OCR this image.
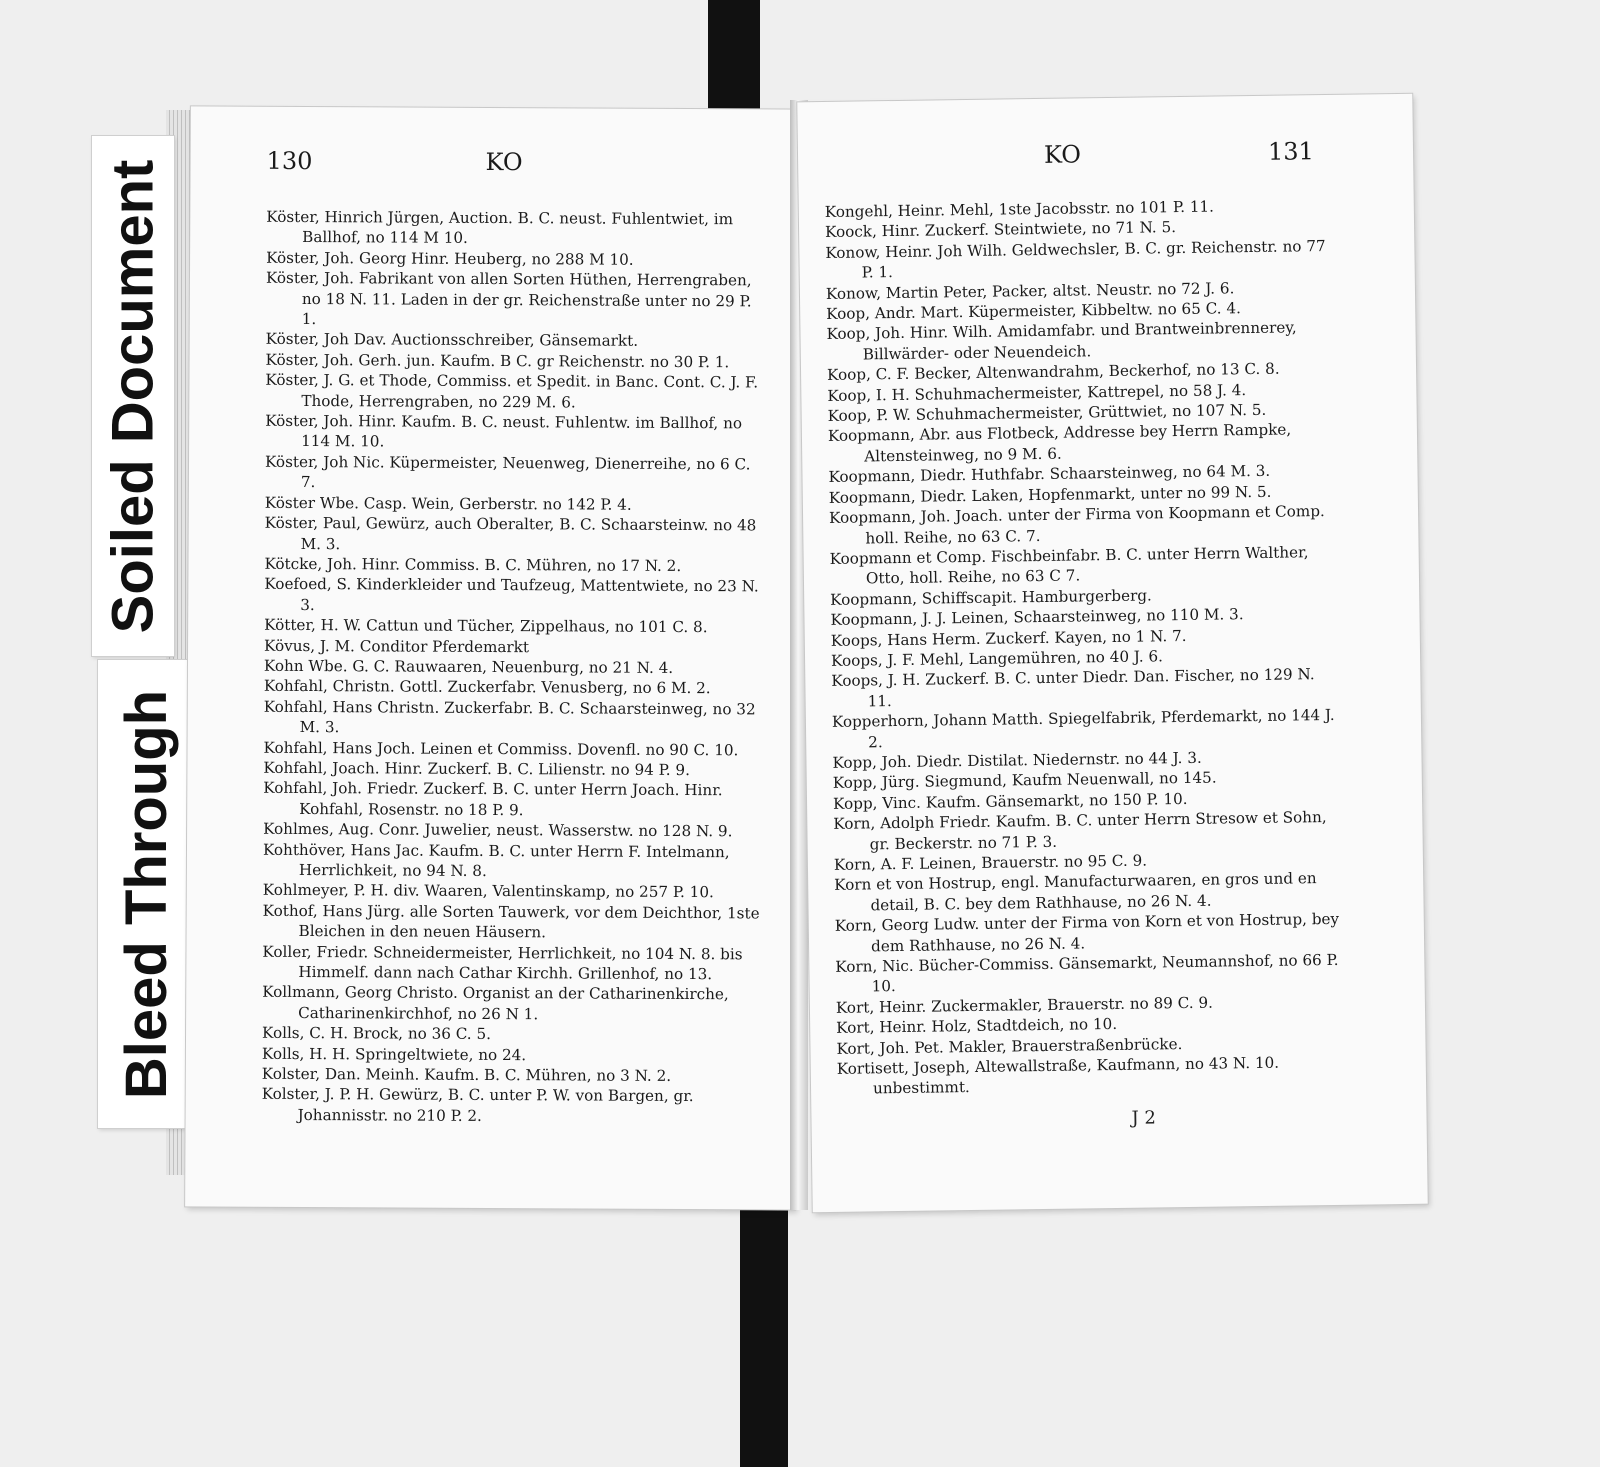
Soiled Document
Bleed Through
130	KO

Köster, Hinrich Jürgen, Auction. B. C. neust. Fuhlentwiet, im Ballhof, no 114 M 10.

Köster, Joh. Georg Hinr. Heuberg, no 288 M 10.

Köster, Joh. Fabrikant von allen Sorten Hüthen, Herrengraben, no 18 N. 11. Laden in der gr. Reichenstraße unter no 29 P. 1.

Köster, Joh Dav. Auctionsschreiber, Gänsemarkt.

Köster, Joh. Gerh. jun. Kaufm. B C. gr Reichenstr. no 30 P. 1.

Köster, J. G. et Thode, Commiss. et Spedit. in Banc. Cont. C. J. F. Thode, Herrengraben, no 229 M. 6.

Köster, Joh. Hinr. Kaufm. B. C. neust. Fuhlentw. im Ballhof, no 114 M. 10.

Köster, Joh Nic. Küpermeister, Neuenweg, Dienerreihe, no 6 C. 7.

Köster Wbe. Casp. Wein, Gerberstr. no 142 P. 4.

Köster, Paul, Gewürz, auch Oberalter, B. C. Schaarsteinw. no 48 M. 3.

Kötcke, Joh. Hinr. Commiss. B. C. Mühren, no 17 N. 2.

Koefoed, S. Kinderkleider und Taufzeug, Mattentwiete, no 23 N. 3.

Kötter, H. W. Cattun und Tücher, Zippelhaus, no 101 C. 8.

Kövus, J. M. Conditor Pferdemarkt

Kohn Wbe. G. C. Rauwaaren, Neuenburg, no 21 N. 4.

Kohfahl, Christn. Gottl. Zuckerfabr. Venusberg, no 6 M. 2.

Kohfahl, Hans Christn. Zuckerfabr. B. C. Schaarsteinweg, no 32 M. 3.

Kohfahl, Hans Joch. Leinen et Commiss. Dovenfl. no 90 C. 10.

Kohfahl, Joach. Hinr. Zuckerf. B. C. Lilienstr. no 94 P. 9.

Kohfahl, Joh. Friedr. Zuckerf. B. C. unter Herrn Joach. Hinr. Kohfahl, Rosenstr. no 18 P. 9.

Kohlmes, Aug. Conr. Juwelier, neust. Wasserstw. no 128 N. 9.

Kohthöver, Hans Jac. Kaufm. B. C. unter Herrn F. Intelmann, Herrlichkeit, no 94 N. 8.

Kohlmeyer, P. H. div. Waaren, Valentinskamp, no 257 P. 10.

Kothof, Hans Jürg. alle Sorten Tauwerk, vor dem Deichthor, 1ste Bleichen in den neuen Häusern.

Koller, Friedr. Schneidermeister, Herrlichkeit, no 104 N. 8. bis Himmelf. dann nach Cathar Kirchh. Grillenhof, no 13.

Kollmann, Georg Christo. Organist an der Catharinenkirche, Catharinenkirchhof, no 26 N 1.

Kolls, C. H. Brock, no 36 C. 5.

Kolls, H. H. Springeltwiete, no 24.

Kolster, Dan. Meinh. Kaufm. B. C. Mühren, no 3 N. 2.

Kolster, J. P. H. Gewürz, B. C. unter P. W. von Bargen, gr. Johannisstr. no 210 P. 2.

KO	131

Kongehl, Heinr. Mehl, 1ste Jacobsstr. no 101 P. 11.

Koock, Hinr. Zuckerf. Steintwiete, no 71 N. 5.

Konow, Heinr. Joh Wilh. Geldwechsler, B. C. gr. Reichenstr. no 77 P. 1.

Konow, Martin Peter, Packer, altst. Neustr. no 72 J. 6.

Koop, Andr. Mart. Küpermeister, Kibbeltw. no 65 C. 4.

Koop, Joh. Hinr. Wilh. Amidamfabr. und Brantweinbrennerey, Billwärder- oder Neuendeich.

Koop, C. F. Becker, Altenwandrahm, Beckerhof, no 13 C. 8.

Koop, I. H. Schuhmachermeister, Kattrepel, no 58 J. 4.

Koop, P. W. Schuhmachermeister, Grüttwiet, no 107 N. 5.

Koopmann, Abr. aus Flotbeck, Addresse bey Herrn Rampke, Altensteinweg, no 9 M. 6.

Koopmann, Diedr. Huthfabr. Schaarsteinweg, no 64 M. 3.

Koopmann, Diedr. Laken, Hopfenmarkt, unter no 99 N. 5.

Koopmann, Joh. Joach. unter der Firma von Koopmann et Comp. holl. Reihe, no 63 C. 7.

Koopmann et Comp. Fischbeinfabr. B. C. unter Herrn Walther, Otto, holl. Reihe, no 63 C 7.

Koopmann, Schiffscapit. Hamburgerberg.

Koopmann, J. J. Leinen, Schaarsteinweg, no 110 M. 3.

Koops, Hans Herm. Zuckerf. Kayen, no 1 N. 7.

Koops, J. F. Mehl, Langemühren, no 40 J. 6.

Koops, J. H. Zuckerf. B. C. unter Diedr. Dan. Fischer, no 129 N. 11.

Kopperhorn, Johann Matth. Spiegelfabrik, Pferdemarkt, no 144 J. 2.

Kopp, Joh. Diedr. Distilat. Niedernstr. no 44 J. 3.

Kopp, Jürg. Siegmund, Kaufm Neuenwall, no 145.

Kopp, Vinc. Kaufm. Gänsemarkt, no 150 P. 10.

Korn, Adolph Friedr. Kaufm. B. C. unter Herrn Stresow et Sohn, gr. Beckerstr. no 71 P. 3.

Korn, A. F. Leinen, Brauerstr. no 95 C. 9.

Korn et von Hostrup, engl. Manufacturwaaren, en gros und en detail, B. C. bey dem Rathhause, no 26 N. 4.

Korn, Georg Ludw. unter der Firma von Korn et von Hostrup, bey dem Rathhause, no 26 N. 4.

Korn, Nic. Bücher-Commiss. Gänsemarkt, Neumannshof, no 66 P. 10.

Kort, Heinr. Zuckermakler, Brauerstr. no 89 C. 9.

Kort, Heinr. Holz, Stadtdeich, no 10.

Kort, Joh. Pet. Makler, Brauerstraßenbrücke.

Kortisett, Joseph, Altewallstraße, Kaufmann, no 43 N. 10. unbestimmt.

J 2
